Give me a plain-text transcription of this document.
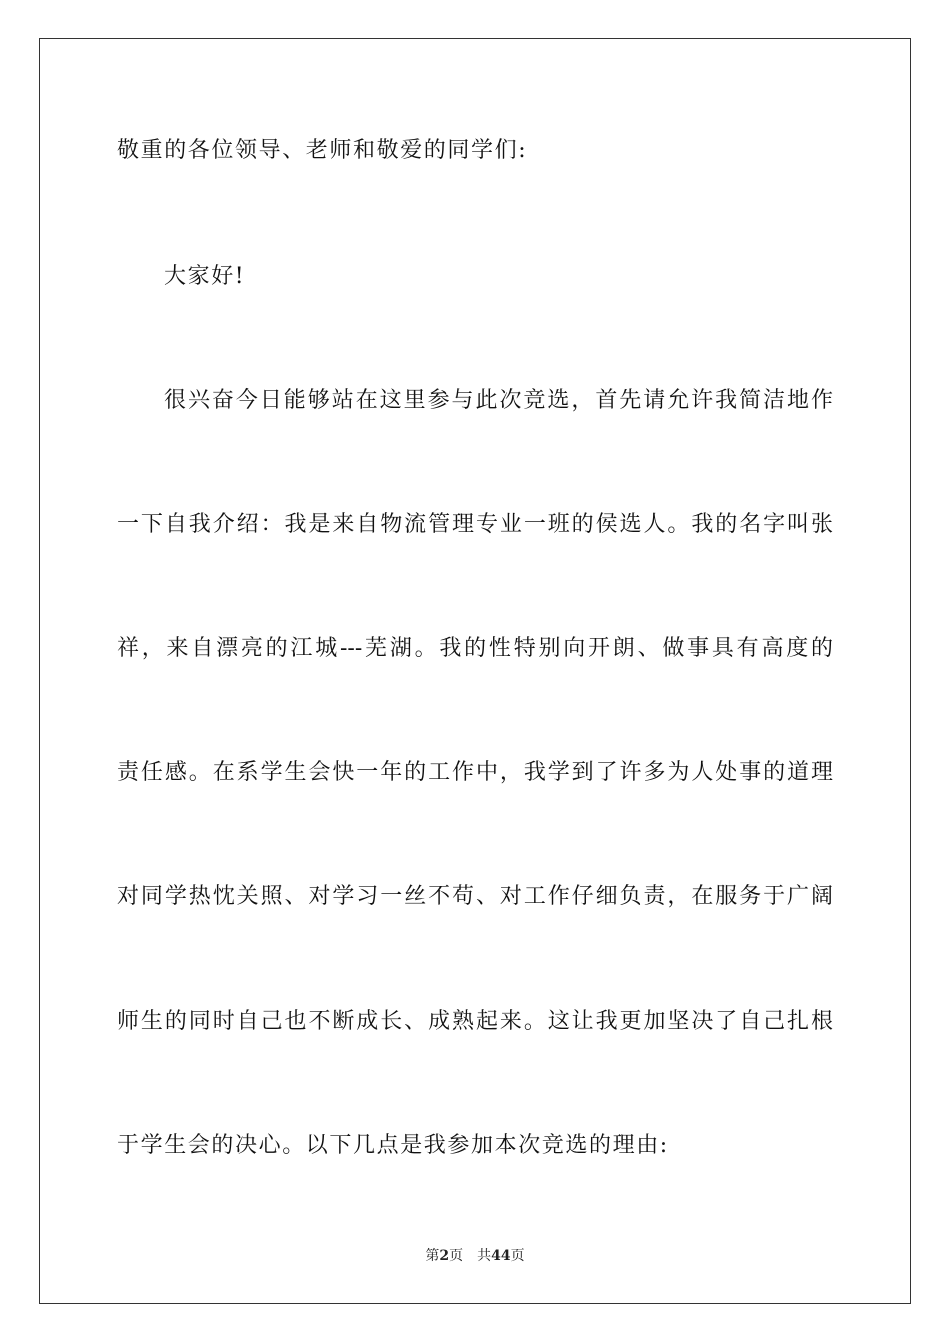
敬重的各位领导、老师和敬爱的同学们:
大家好!
很兴奋今日能够站在这里参与此次竞选，首先请允许我简洁地作
一下自我介绍：我是来自物流管理专业一班的侯选人。我的名字叫张
祥，来自漂亮的江城---芜湖。我的性特别向开朗、做事具有高度的
责任感。在系学生会快一年的工作中，我学到了许多为人处事的道理
对同学热忱关照、对学习一丝不苟、对工作仔细负责，在服务于广阔
师生的同时自己也不断成长、成熟起来。这让我更加坚决了自己扎根
于学生会的决心。以下几点是我参加本次竞选的理由:
第2页 共44页
